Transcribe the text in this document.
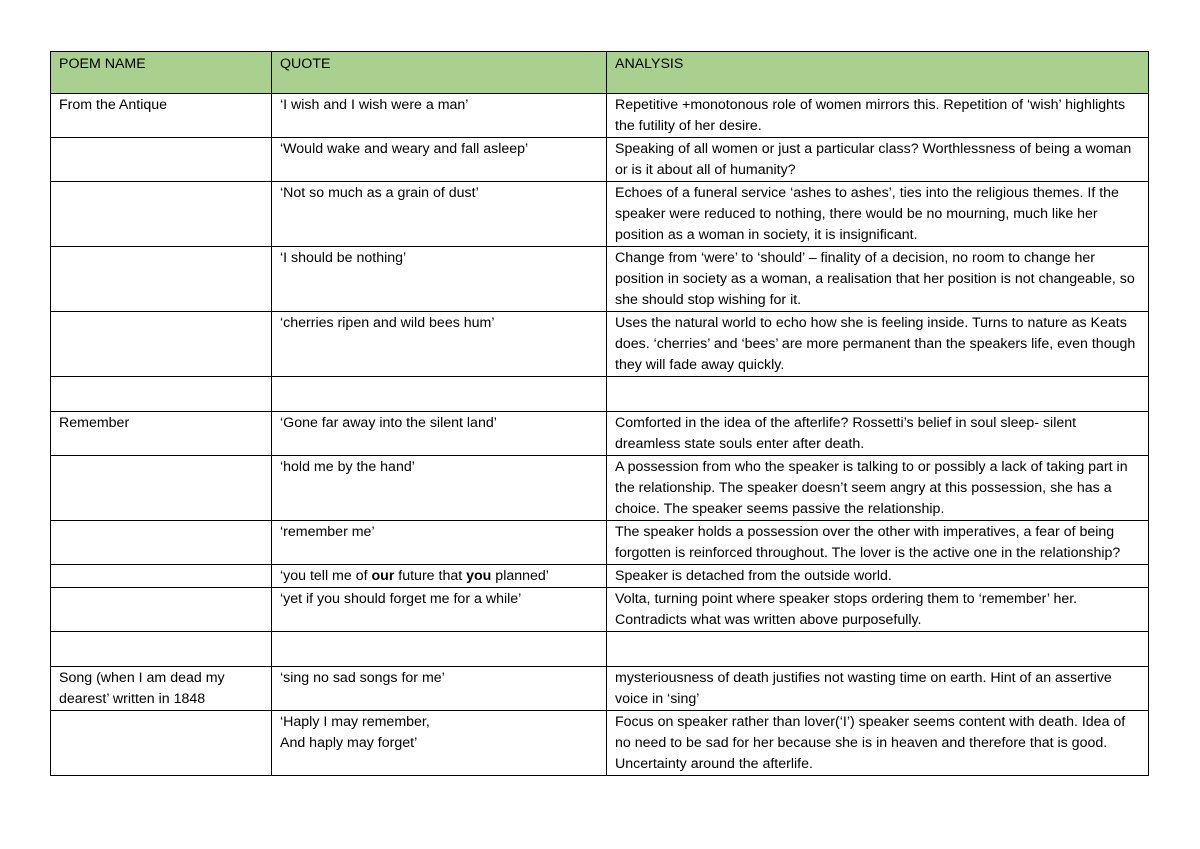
POEM NAME	QUOTE	ANALYSIS
From the Antique	‘I wish and I wish were a man’	Repetitive +monotonous role of women mirrors this. Repetition of ‘wish’ highlights the futility of her desire.
	‘Would wake and weary and fall asleep’	Speaking of all women or just a particular class? Worthlessness of being a woman or is it about all of humanity?
	‘Not so much as a grain of dust’	Echoes of a funeral service ‘ashes to ashes’, ties into the religious themes. If the speaker were reduced to nothing, there would be no mourning, much like her position as a woman in society, it is insignificant.
	‘I should be nothing’	Change from ‘were’ to ‘should’ – finality of a decision, no room to change her position in society as a woman, a realisation that her position is not changeable, so she should stop wishing for it.
	‘cherries ripen and wild bees hum’	Uses the natural world to echo how she is feeling inside. Turns to nature as Keats does. ‘cherries’ and ‘bees’ are more permanent than the speakers life, even though they will fade away quickly.

Remember	‘Gone far away into the silent land’	Comforted in the idea of the afterlife? Rossetti’s belief in soul sleep- silent dreamless state souls enter after death.
	‘hold me by the hand’	A possession from who the speaker is talking to or possibly a lack of taking part in the relationship. The speaker doesn’t seem angry at this possession, she has a choice. The speaker seems passive the relationship.
	‘remember me’	The speaker holds a possession over the other with imperatives, a fear of being forgotten is reinforced throughout. The lover is the active one in the relationship?
	‘you tell me of our future that you planned’	Speaker is detached from the outside world.
	‘yet if you should forget me for a while’	Volta, turning point where speaker stops ordering them to ‘remember’ her. Contradicts what was written above purposefully.

Song (when I am dead my dearest’ written in 1848	‘sing no sad songs for me’	mysteriousness of death justifies not wasting time on earth. Hint of an assertive voice in ‘sing’
	‘Haply I may remember,
And haply may forget’	Focus on speaker rather than lover(‘I’) speaker seems content with death. Idea of no need to be sad for her because she is in heaven and therefore that is good. Uncertainty around the afterlife.
